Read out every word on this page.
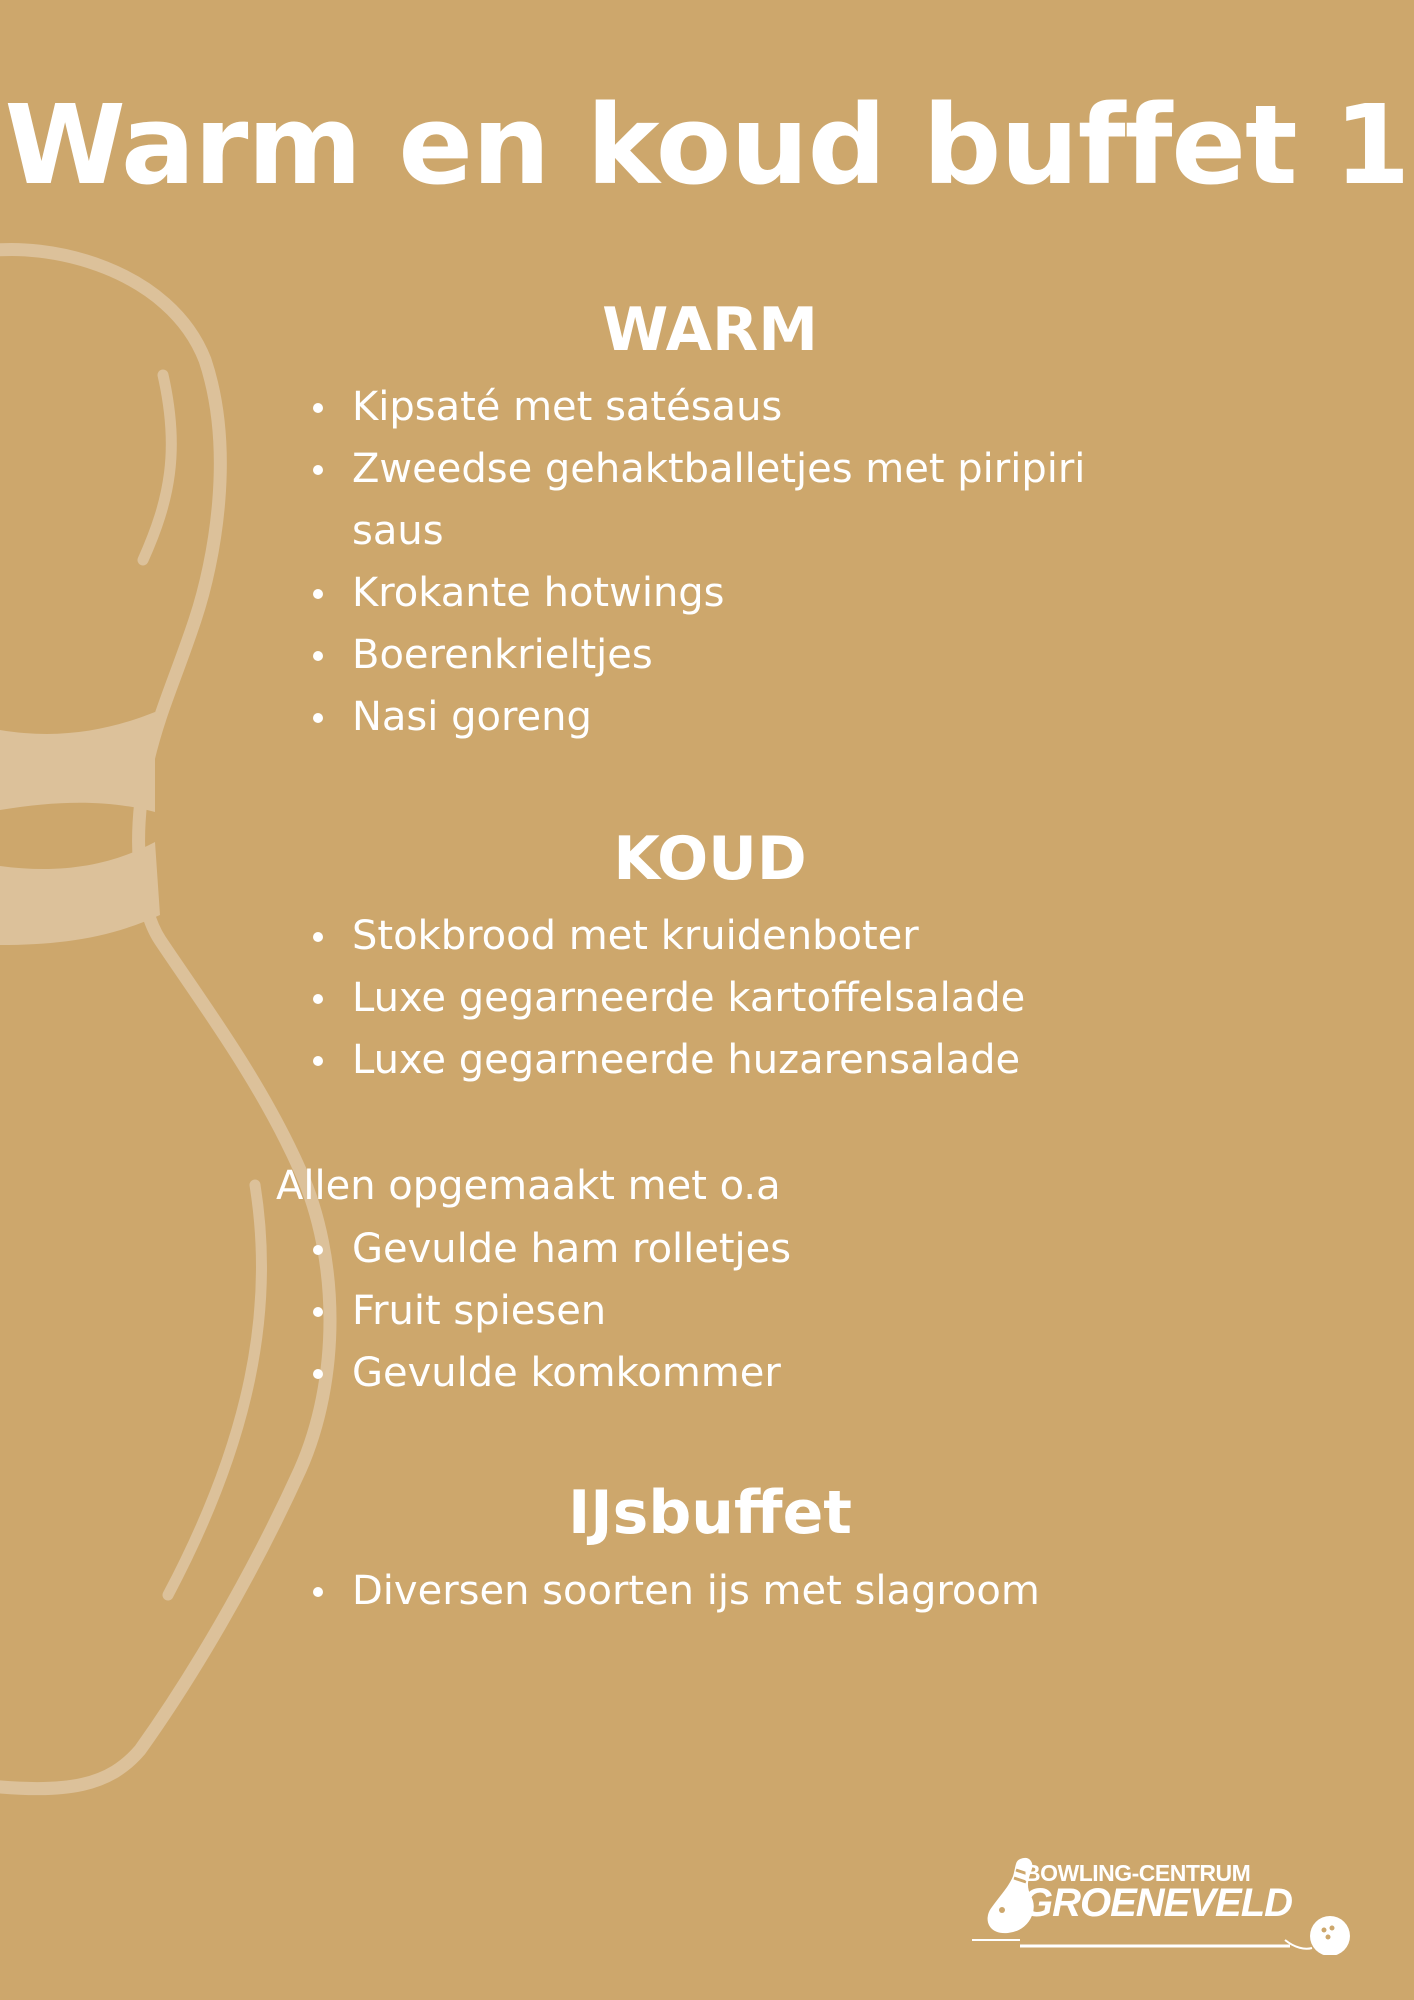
Warm en koud buffet 1
WARM
Kipsaté met satésaus
Zweedse gehaktballetjes met piripiri saus
Krokante hotwings
Boerenkrieltjes
Nasi goreng
KOUD
Stokbrood met kruidenboter
Luxe gegarneerde kartoffelsalade
Luxe gegarneerde huzarensalade

Allen opgemaakt met o.a

Gevulde ham rolletjes
Fruit spiesen
Gevulde komkommer
IJsbuffet
Diversen soorten ijs met slagroom
BOWLING-CENTRUM
GROENEVELD
